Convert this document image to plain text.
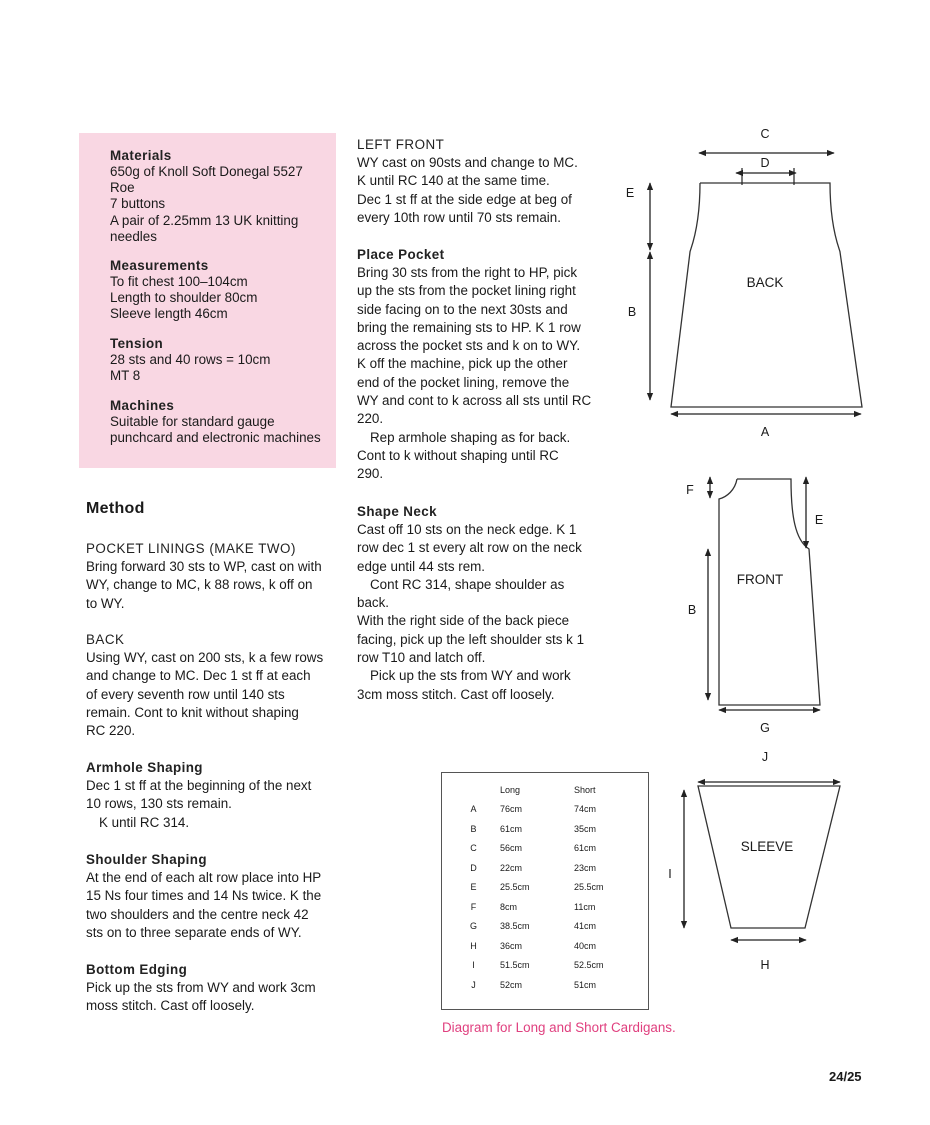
Materials
650g of Knoll Soft Donegal 5527
Roe
7 buttons
A pair of 2.25mm 13 UK knitting
needles
Measurements
To fit chest 100–104cm
Length to shoulder 80cm
Sleeve length 46cm
Tension
28 sts and 40 rows = 10cm
MT 8
Machines
Suitable for standard gauge
punchcard and electronic machines
Method
POCKET LININGS (MAKE TWO)
Bring forward 30 sts to WP, cast on with
WY, change to MC, k 88 rows, k off on
to WY.
BACK
Using WY, cast on 200 sts, k a few rows
and change to MC. Dec 1 st ff at each
of every seventh row until 140 sts
remain. Cont to knit without shaping
RC 220.
Armhole Shaping
Dec 1 st ff at the beginning of the next
10 rows, 130 sts remain.
K until RC 314.
Shoulder Shaping
At the end of each alt row place into HP
15 Ns four times and 14 Ns twice. K the
two shoulders and the centre neck 42
sts on to three separate ends of WY.
Bottom Edging
Pick up the sts from WY and work 3cm
moss stitch. Cast off loosely.
LEFT FRONT
WY cast on 90sts and change to MC.
K until RC 140 at the same time.
Dec 1 st ff at the side edge at beg of
every 10th row until 70 sts remain.
Place Pocket
Bring 30 sts from the right to HP, pick
up the sts from the pocket lining right
side facing on to the next 30sts and
bring the remaining sts to HP. K 1 row
across the pocket sts and k on to WY.
K off the machine, pick up the other
end of the pocket lining, remove the
WY and cont to k across all sts until RC
220.
Rep armhole shaping as for back.
Cont to k without shaping until RC
290.
Shape Neck
Cast off 10 sts on the neck edge. K 1
row dec 1 st every alt row on the neck
edge until 44 sts rem.
Cont RC 314, shape shoulder as
back.
With the right side of the back piece
facing, pick up the left shoulder sts k 1
row T10 and latch off.
Pick up the sts from WY and work
3cm moss stitch. Cast off loosely.
C
D
E
B
BACK
A
F
E
FRONT
B
G
J
I
SLEEVE
H
	Long	Short
A	76cm	74cm
B	61cm	35cm
C	56cm	61cm
D	22cm	23cm
E	25.5cm	25.5cm
F	8cm	11cm
G	38.5cm	41cm
H	36cm	40cm
I	51.5cm	52.5cm
J	52cm	51cm
Diagram for Long and Short Cardigans.
24/25
